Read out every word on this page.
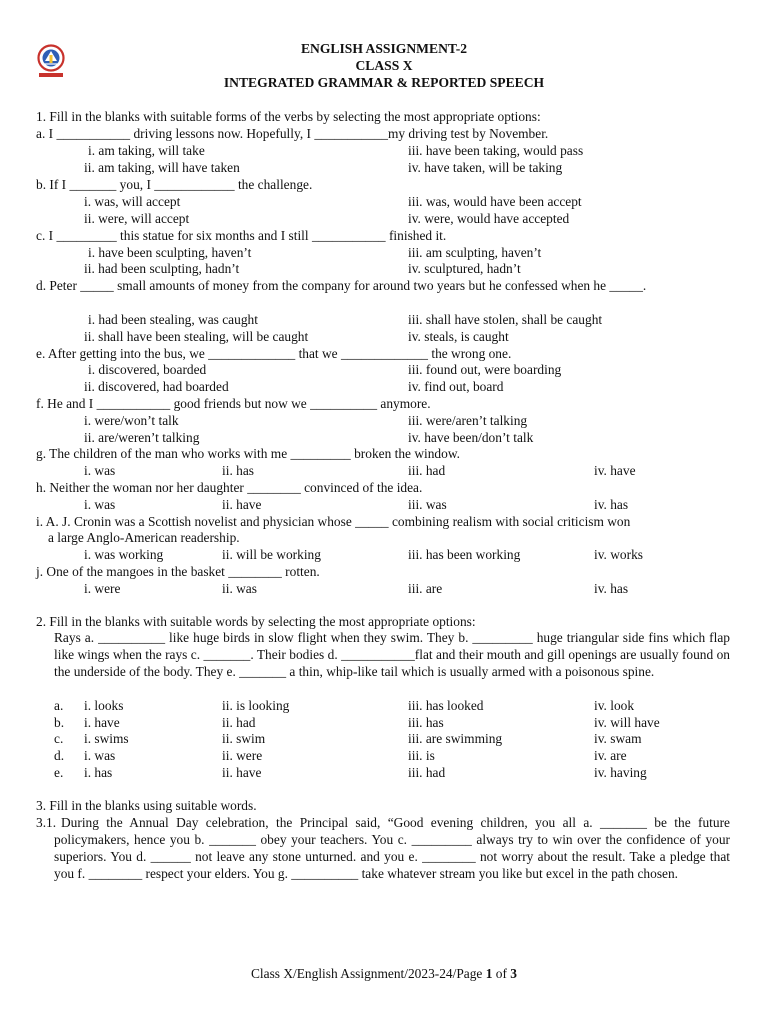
ENGLISH ASSIGNMENT-2
CLASS X
INTEGRATED GRAMMAR & REPORTED SPEECH
1. Fill in the blanks with suitable forms of the verbs by selecting the most appropriate options:
a. I ___________ driving lessons now. Hopefully, I ___________my driving test by November.
i. am taking, will take	iii. have been taking, would pass
ii. am taking, will have taken	iv. have taken, will be taking
b. If I _______ you, I ____________ the challenge.
i. was, will accept	iii. was, would have been accept
ii. were, will accept	iv. were, would have accepted
c. I _________ this statue for six months and I still ___________ finished it.
i. have been sculpting, haven’t	iii. am sculpting, haven’t
ii. had been sculpting, hadn’t	iv. sculptured, hadn’t
d. Peter _____ small amounts of money from the company for around two years but he confessed when he _____.
i. had been stealing, was caught	iii. shall have stolen, shall be caught
ii. shall have been stealing, will be caught	iv. steals, is caught
e. After getting into the bus, we _____________ that we _____________ the wrong one.
i. discovered, boarded	iii. found out, were boarding
ii. discovered, had boarded	iv. find out, board
f. He and I ___________ good friends but now we __________ anymore.
i. were/won’t talk	iii. were/aren’t talking
ii. are/weren’t talking	iv. have been/don’t talk
g. The children of the man who works with me _________ broken the window.
i. was	ii. has	iii. had	iv. have
h. Neither the woman nor her daughter ________ convinced of the idea.
i. was	ii. have	iii. was	iv. has
i. A. J. Cronin was a Scottish novelist and physician whose _____ combining realism with social criticism won
a large Anglo-American readership.
i. was working	ii. will be working	iii. has been working	iv. works
j. One of the mangoes in the basket ________ rotten.
i. were	ii. was	iii. are	iv. has
2. Fill in the blanks with suitable words by selecting the most appropriate options:
Rays a. __________ like huge birds in slow flight when they swim. They b. _________ huge triangular side fins which flap like wings when the rays c. _______. Their bodies d. ___________flat and their mouth and gill openings are usually found on the underside of the body. They e. _______ a thin, whip-like tail which is usually armed with a poisonous spine.
a. i. looks	ii. is looking	iii. has looked	iv. look
b. i. have	ii. had	iii. has	iv. will have
c. i. swims	ii. swim	iii. are swimming	iv. swam
d. i. was	ii. were	iii. is	iv. are
e. i. has	ii. have	iii. had	iv. having
3. Fill in the blanks using suitable words.
3.1. During the Annual Day celebration, the Principal said, “Good evening children, you all a. _______ be the future policymakers, hence you b. _______ obey your teachers. You c. _________ always try to win over the confidence of your superiors. You d. ______ not leave any stone unturned. and you e. ________ not worry about the result. Take a pledge that you f. ________ respect your elders. You g. __________ take whatever stream you like but excel in the path chosen.
Class X/English Assignment/2023-24/Page 1 of 3
